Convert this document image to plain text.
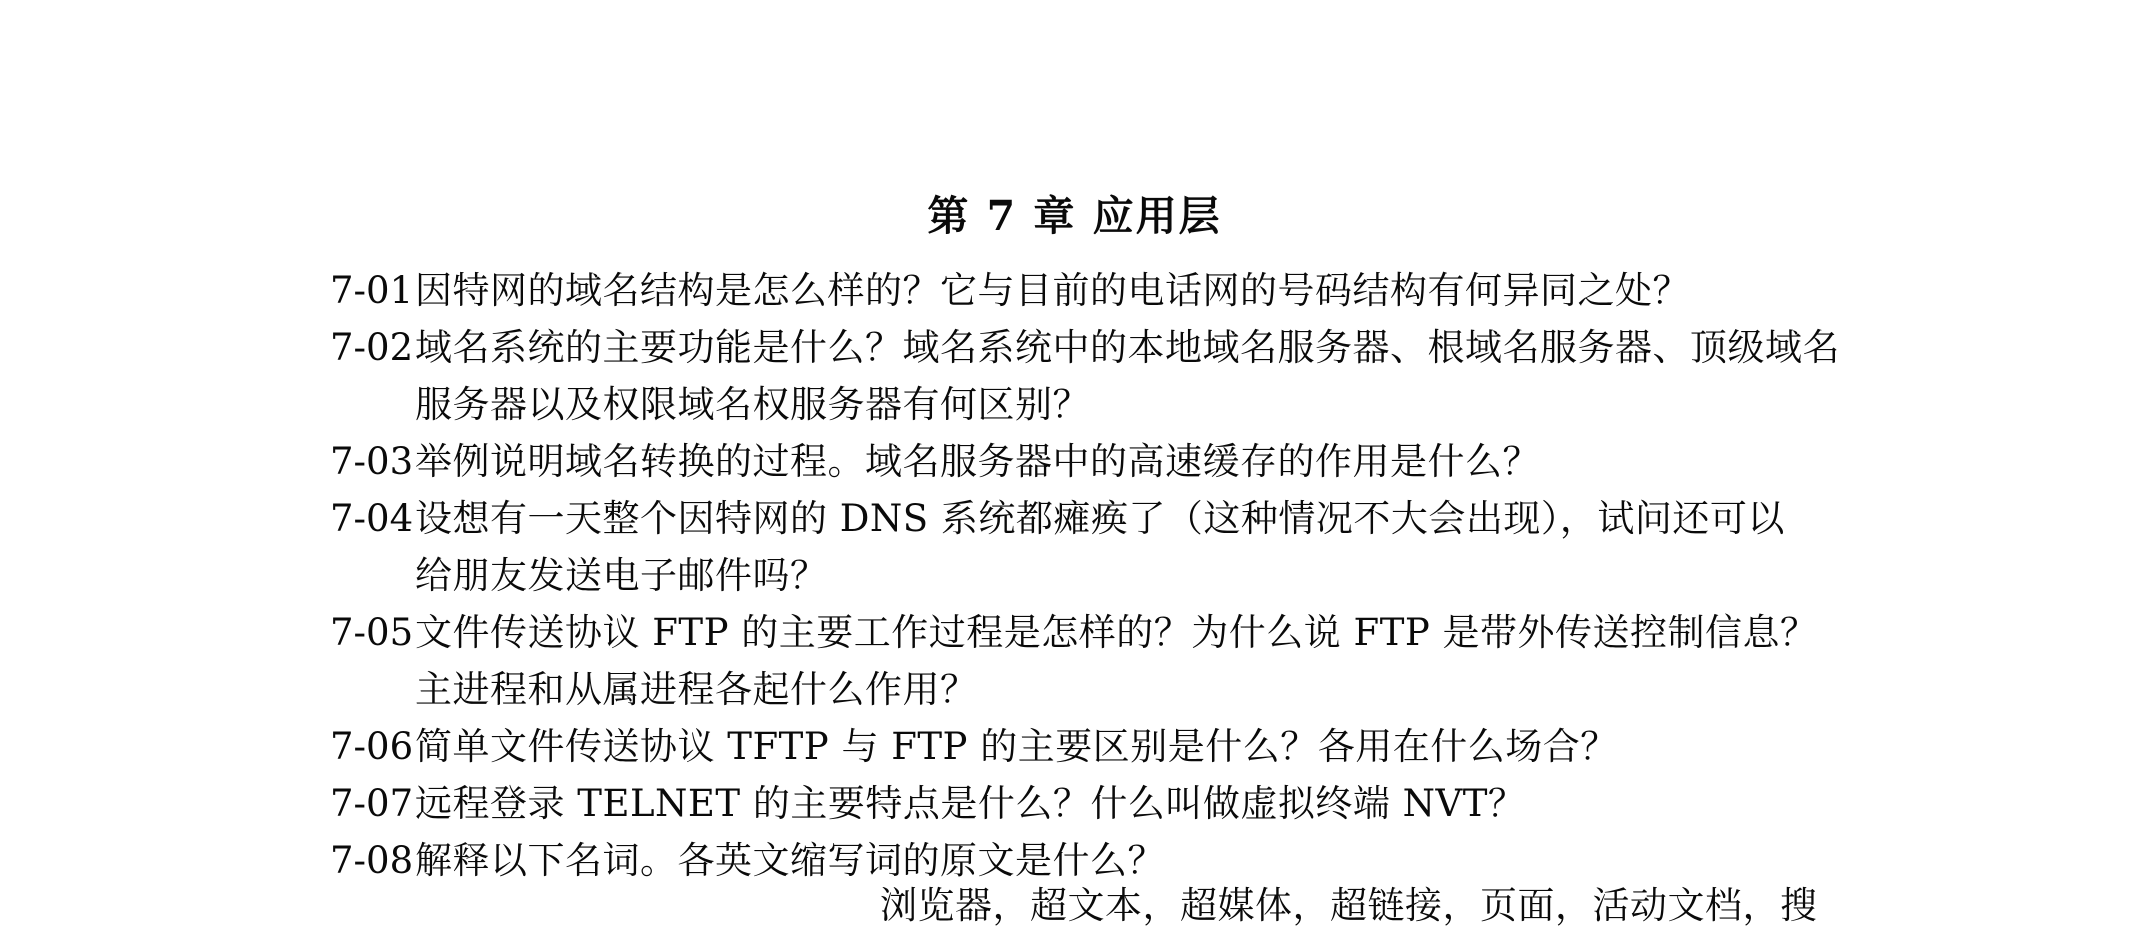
第 7 章 应用层
7-01因特网的域名结构是怎么样的？它与目前的电话网的号码结构有何异同之处？
7-02域名系统的主要功能是什么？域名系统中的本地域名服务器、根域名服务器、顶级域名
服务器以及权限域名权服务器有何区别？
7-03举例说明域名转换的过程。域名服务器中的高速缓存的作用是什么？
7-04设想有一天整个因特网的 DNS 系统都瘫痪了（这种情况不大会出现），试问还可以
给朋友发送电子邮件吗？
7-05文件传送协议 FTP 的主要工作过程是怎样的？为什么说 FTP 是带外传送控制信息？
主进程和从属进程各起什么作用？
7-06简单文件传送协议 TFTP 与 FTP 的主要区别是什么？各用在什么场合？
7-07远程登录 TELNET 的主要特点是什么？什么叫做虚拟终端 NVT？
7-08解释以下名词。各英文缩写词的原文是什么？
浏览器，超文本，超媒体，超链接，页面，活动文档，搜
